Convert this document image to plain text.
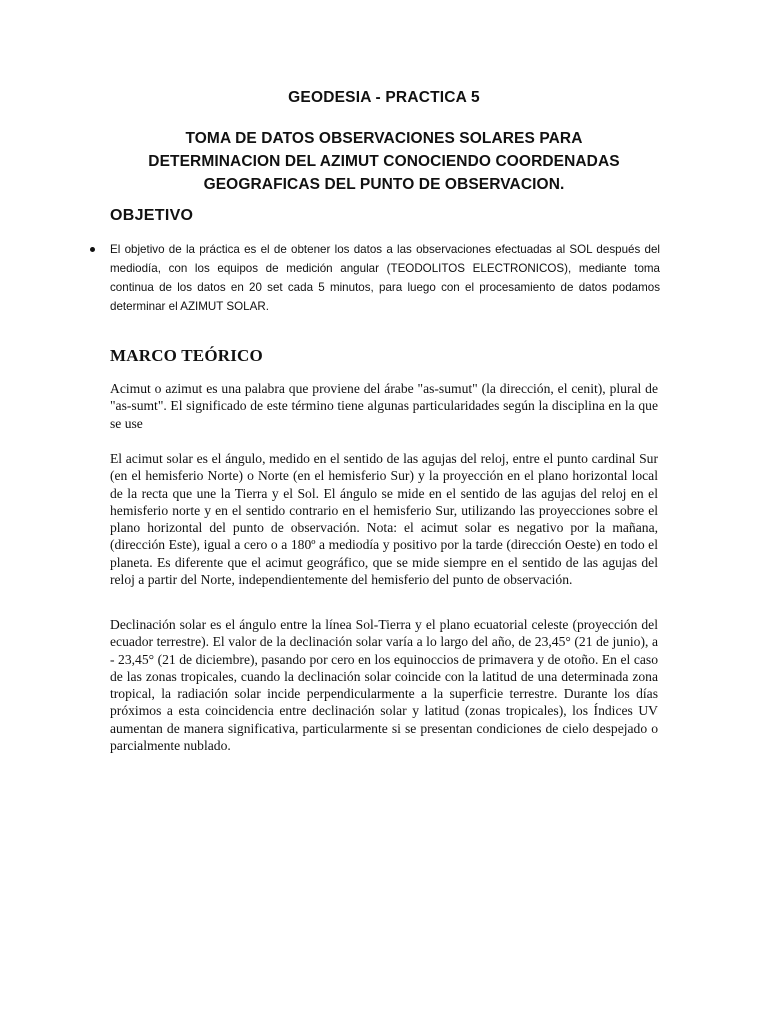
GEODESIA - PRACTICA 5
TOMA DE DATOS OBSERVACIONES SOLARES PARA
DETERMINACION DEL AZIMUT CONOCIENDO COORDENADAS
GEOGRAFICAS DEL PUNTO DE OBSERVACION.
OBJETIVO
El objetivo de la práctica es el de obtener los datos a las observaciones efectuadas al SOL después del mediodía, con los equipos de medición angular (TEODOLITOS ELECTRONICOS), mediante toma continua de los datos en 20 set cada 5 minutos, para luego con el procesamiento de datos podamos determinar el AZIMUT SOLAR.
MARCO TEÓRICO

Acimut o azimut es una palabra que proviene del árabe "as-sumut" (la dirección, el cenit), plural de "as-sumt". El significado de este término tiene algunas particularidades según la disciplina en la que se use

El acimut solar es el ángulo, medido en el sentido de las agujas del reloj, entre el punto cardinal Sur (en el hemisferio Norte) o Norte (en el hemisferio Sur) y la proyección en el plano horizontal local de la recta que une la Tierra y el Sol. El ángulo se mide en el sentido de las agujas del reloj en el hemisferio norte y en el sentido contrario en el hemisferio Sur, utilizando las proyecciones sobre el plano horizontal del punto de observación. Nota: el acimut solar es negativo por la mañana, (dirección Este), igual a cero o a 180º a mediodía y positivo por la tarde (dirección Oeste) en todo el planeta. Es diferente que el acimut geográfico, que se mide siempre en el sentido de las agujas del reloj a partir del Norte, independientemente del hemisferio del punto de observación.

Declinación solar es el ángulo entre la línea Sol-Tierra y el plano ecuatorial celeste (proyección del ecuador terrestre). El valor de la declinación solar varía a lo largo del año, de 23,45° (21 de junio), a - 23,45° (21 de diciembre), pasando por cero en los equinoccios de primavera y de otoño. En el caso de las zonas tropicales, cuando la declinación solar coincide con la latitud de una determinada zona tropical, la radiación solar incide perpendicularmente a la superficie terrestre. Durante los días próximos a esta coincidencia entre declinación solar y latitud (zonas tropicales), los Índices UV aumentan de manera significativa, particularmente si se presentan condiciones de cielo despejado o parcialmente nublado.
